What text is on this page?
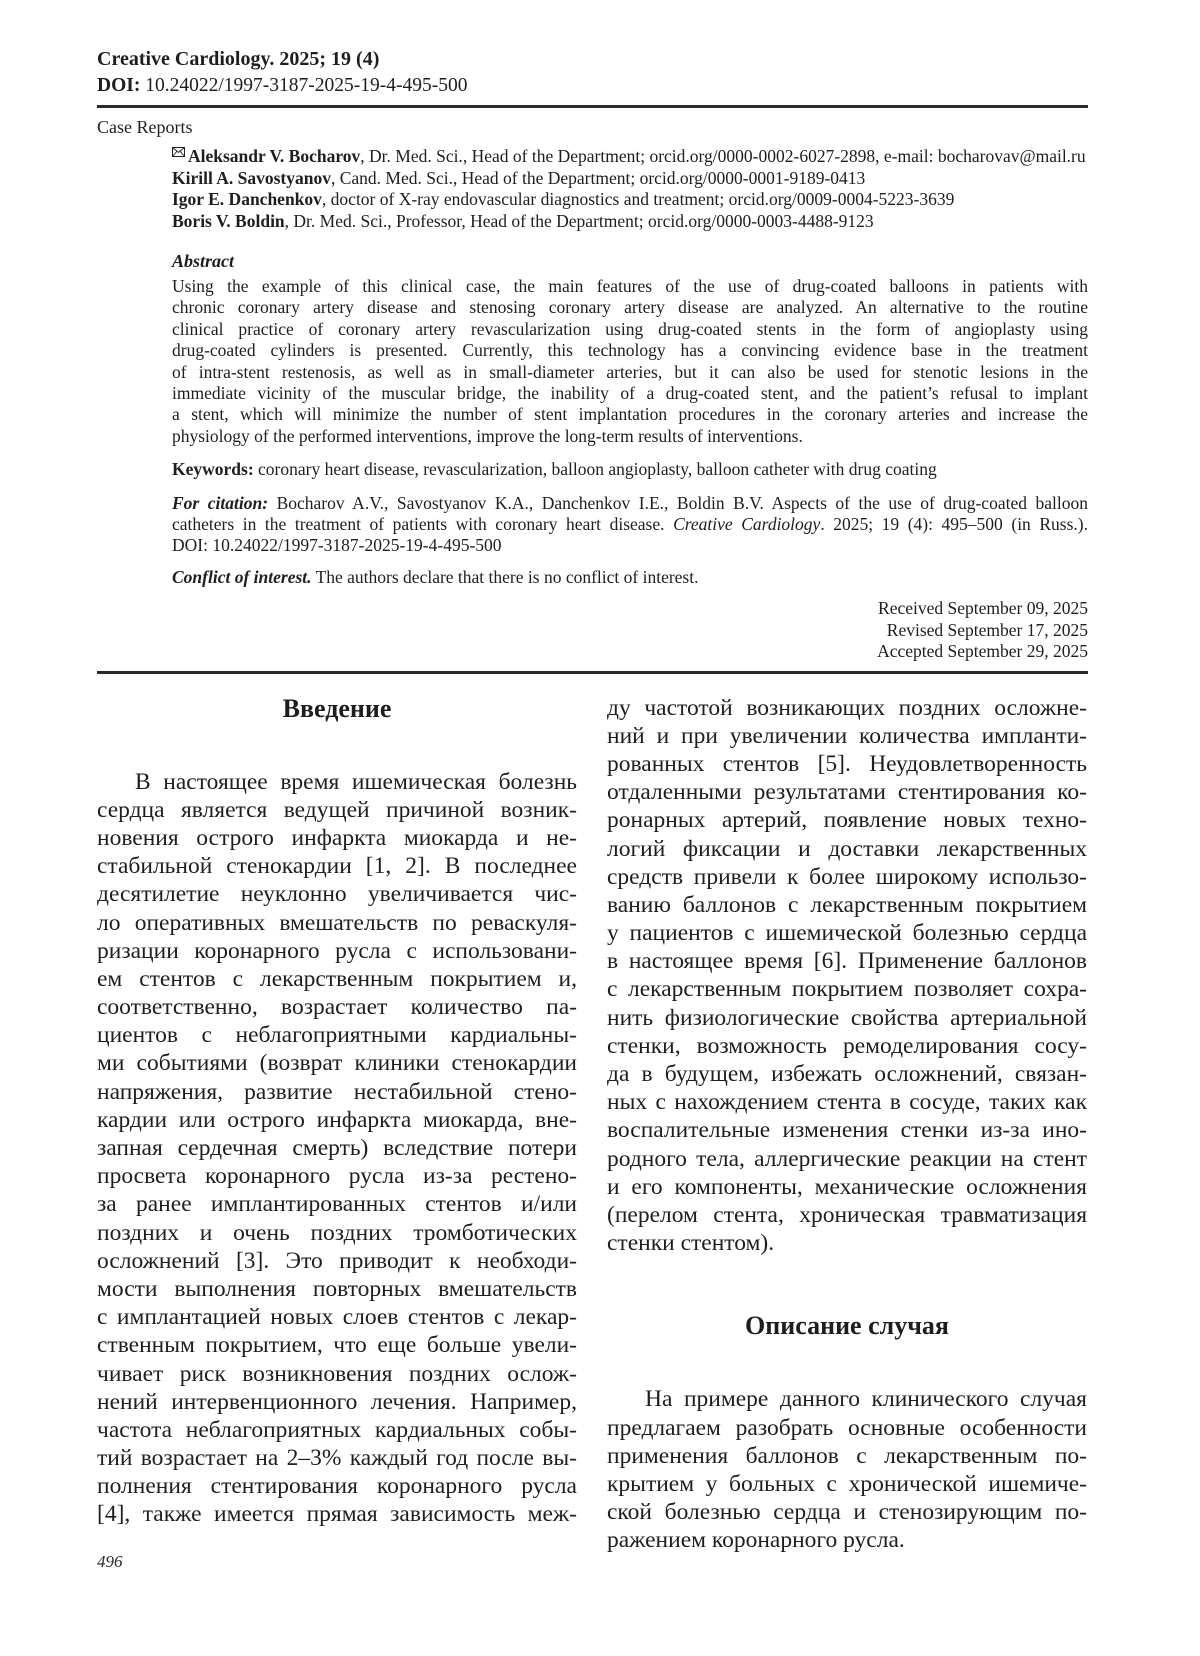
Creative Cardiology. 2025; 19 (4)
DOI: 10.24022/1997-3187-2025-19-4-495-500
Case Reports
Aleksandr V. Bocharov, Dr. Med. Sci., Head of the Department; orcid.org/0000-0002-6027-2898, e-mail: bocharovav@mail.ru
Kirill A. Savostyanov, Cand. Med. Sci., Head of the Department; orcid.org/0000-0001-9189-0413
Igor E. Danchenkov, doctor of X-ray endovascular diagnostics and treatment; orcid.org/0009-0004-5223-3639
Boris V. Boldin, Dr. Med. Sci., Professor, Head of the Department; orcid.org/0000-0003-4488-9123
Abstract
Using the example of this clinical case, the main features of the use of drug-coated balloons in patients with
chronic coronary artery disease and stenosing coronary artery disease are analyzed. An alternative to the routine
clinical practice of coronary artery revascularization using drug-coated stents in the form of angioplasty using
drug-coated cylinders is presented. Currently, this technology has a convincing evidence base in the treatment
of intra-stent restenosis, as well as in small-diameter arteries, but it can also be used for stenotic lesions in the
immediate vicinity of the muscular bridge, the inability of a drug-coated stent, and the patient’s refusal to implant
a stent, which will minimize the number of stent implantation procedures in the coronary arteries and increase the
physiology of the performed interventions, improve the long-term results of interventions.
Keywords: coronary heart disease, revascularization, balloon angioplasty, balloon catheter with drug coating
For citation: Bocharov A.V., Savostyanov K.A., Danchenkov I.E., Boldin B.V. Aspects of the use of drug-coated balloon
catheters in the treatment of patients with coronary heart disease. Creative Cardiology. 2025; 19 (4): 495–500 (in Russ.).
DOI: 10.24022/1997-3187-2025-19-4-495-500
Conflict of interest. The authors declare that there is no conflict of interest.
Received September 09, 2025
Revised September 17, 2025
Accepted September 29, 2025
Введение
В настоящее время ишемическая болезнь
сердца является ведущей причиной возник-
новения острого инфаркта миокарда и не-
стабильной стенокардии [1, 2]. В последнее
десятилетие неуклонно увеличивается чис-
ло оперативных вмешательств по реваскуля-
ризации коронарного русла с использовани-
ем стентов с лекарственным покрытием и,
соответственно, возрастает количество па-
циентов с неблагоприятными кардиальны-
ми событиями (возврат клиники стенокардии
напряжения, развитие нестабильной стено-
кардии или острого инфаркта миокарда, вне-
запная сердечная смерть) вследствие потери
просвета коронарного русла из-за рестено-
за ранее имплантированных стентов и/или
поздних и очень поздних тромботических
осложнений [3]. Это приводит к необходи-
мости выполнения повторных вмешательств
с имплантацией новых слоев стентов с лекар-
ственным покрытием, что еще больше увели-
чивает риск возникновения поздних ослож-
нений интервенционного лечения. Например,
частота неблагоприятных кардиальных собы-
тий возрастает на 2–3% каждый год после вы-
полнения стентирования коронарного русла
[4], также имеется прямая зависимость меж-
ду частотой возникающих поздних осложне-
ний и при увеличении количества импланти-
рованных стентов [5]. Неудовлетворенность
отдаленными результатами стентирования ко-
ронарных артерий, появление новых техно-
логий фиксации и доставки лекарственных
средств привели к более широкому использо-
ванию баллонов с лекарственным покрытием
у пациентов с ишемической болезнью сердца
в настоящее время [6]. Применение баллонов
с лекарственным покрытием позволяет сохра-
нить физиологические свойства артериальной
стенки, возможность ремоделирования сосу-
да в будущем, избежать осложнений, связан-
ных с нахождением стента в сосуде, таких как
воспалительные изменения стенки из-за ино-
родного тела, аллергические реакции на стент
и его компоненты, механические осложнения
(перелом стента, хроническая травматизация
стенки стентом).
Описание случая
На примере данного клинического случая
предлагаем разобрать основные особенности
применения баллонов с лекарственным по-
крытием у больных с хронической ишемиче-
ской болезнью сердца и стенозирующим по-
ражением коронарного русла.
496
